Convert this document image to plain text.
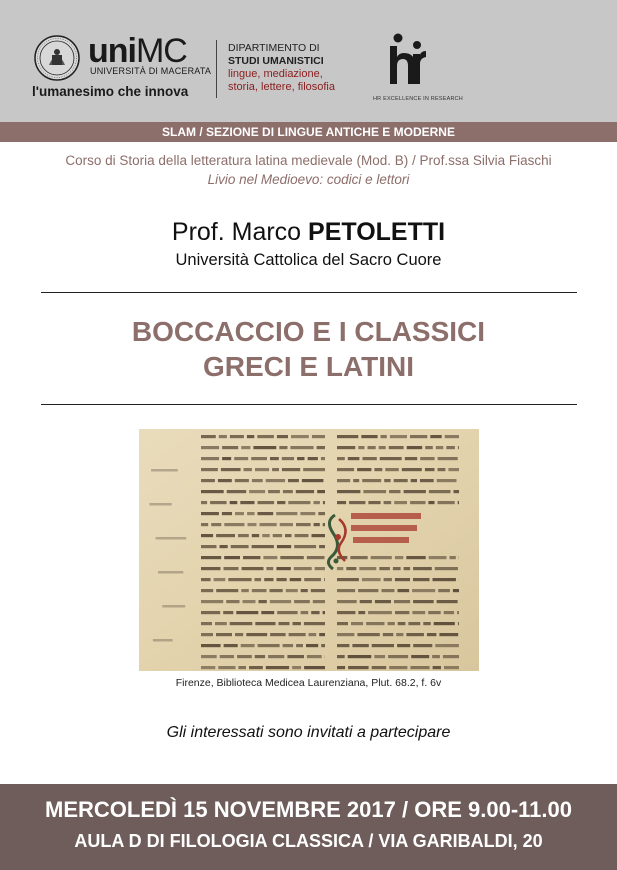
uniMC
UNIVERSITÀ DI MACERATA
l'umanesimo che innova
DIPARTIMENTO DI
STUDI UMANISTICI
lingue, mediazione,
storia, lettere, filosofia
HR EXCELLENCE IN RESEARCH
SLAM / SEZIONE DI LINGUE ANTICHE E MODERNE
Corso di Storia della letteratura latina medievale (Mod. B) / Prof.ssa Silvia Fiaschi
Livio nel Medioevo: codici e lettori
Prof. Marco PETOLETTI
Università Cattolica del Sacro Cuore
BOCCACCIO E I CLASSICI
GRECI E LATINI
Firenze, Biblioteca Medicea Laurenziana, Plut. 68.2, f. 6v
Gli interessati sono invitati a partecipare
MERCOLEDÌ 15 NOVEMBRE 2017 / ORE 9.00-11.00
AULA D DI FILOLOGIA CLASSICA / VIA GARIBALDI, 20
